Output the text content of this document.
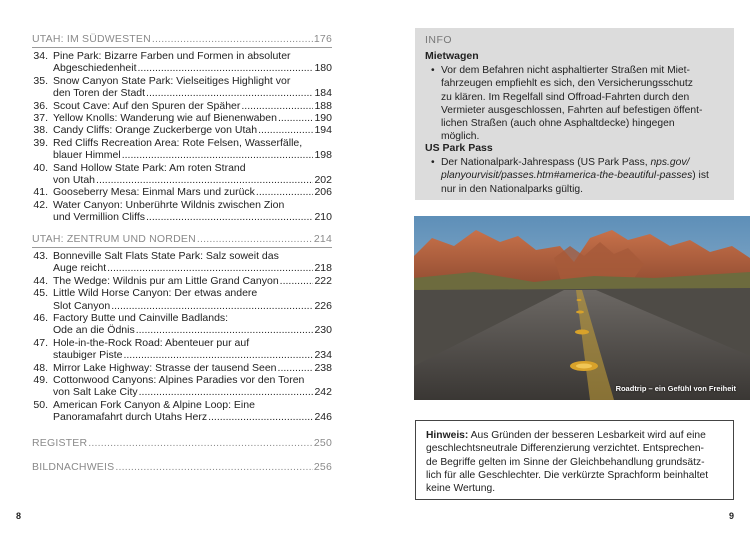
UTAH: IM SÜDWESTEN .....	176
34. Pine Park: Bizarre Farben und Formen in absoluter
Abgeschiedenheit .....	180
35. Snow Canyon State Park: Vielseitiges Highlight vor
den Toren der Stadt .....	184
36. Scout Cave: Auf den Spuren der Späher .....	188
37. Yellow Knolls: Wanderung wie auf Bienenwaben .....	190
38. Candy Cliffs: Orange Zuckerberge von Utah .....	194
39. Red Cliffs Recreation Area: Rote Felsen, Wasserfälle,
blauer Himmel .....	198
40. Sand Hollow State Park: Am roten Strand
von Utah .....	202
41. Gooseberry Mesa: Einmal Mars und zurück .....	206
42. Water Canyon: Unberührte Wildnis zwischen Zion
und Vermillion Cliffs .....	210
UTAH: ZENTRUM UND NORDEN .....	214
43. Bonneville Salt Flats State Park: Salz soweit das
Auge reicht .....	218
44. The Wedge: Wildnis pur am Little Grand Canyon .....	222
45. Little Wild Horse Canyon: Der etwas andere
Slot Canyon .....	226
46. Factory Butte und Cainville Badlands:
Ode an die Ödnis .....	230
47. Hole-in-the-Rock Road: Abenteuer pur auf
staubiger Piste .....	234
48. Mirror Lake Highway: Strasse der tausend Seen .....	238
49. Cottonwood Canyons: Alpines Paradies vor den Toren
von Salt Lake City .....	242
50. American Fork Canyon & Alpine Loop: Eine
Panoramafahrt durch Utahs Herz .....	246
REGISTER .....	250
BILDNACHWEIS .....	256
8
INFO
Mietwagen
• Vor dem Befahren nicht asphaltierter Straßen mit Miet-
fahrzeugen empfiehlt es sich, den Versicherungsschutz
zu klären. Im Regelfall sind Offroad-Fahrten durch den
Vermieter ausgeschlossen, Fahrten auf befestigen öffent-
lichen Straßen (auch ohne Asphaltdecke) hingegen
möglich.
US Park Pass
• Der Nationalpark-Jahrespass (US Park Pass, nps.gov/
planyourvisit/passes.htm#america-the-beautiful-passes) ist
nur in den Nationalparks gültig.
Roadtrip – ein Gefühl von Freiheit
Hinweis: Aus Gründen der besseren Lesbarkeit wird auf eine
geschlechtsneutrale Differenzierung verzichtet. Entsprechen-
de Begriffe gelten im Sinne der Gleichbehandlung grundsätz-
lich für alle Geschlechter. Die verkürzte Sprachform beinhaltet
keine Wertung.
9
